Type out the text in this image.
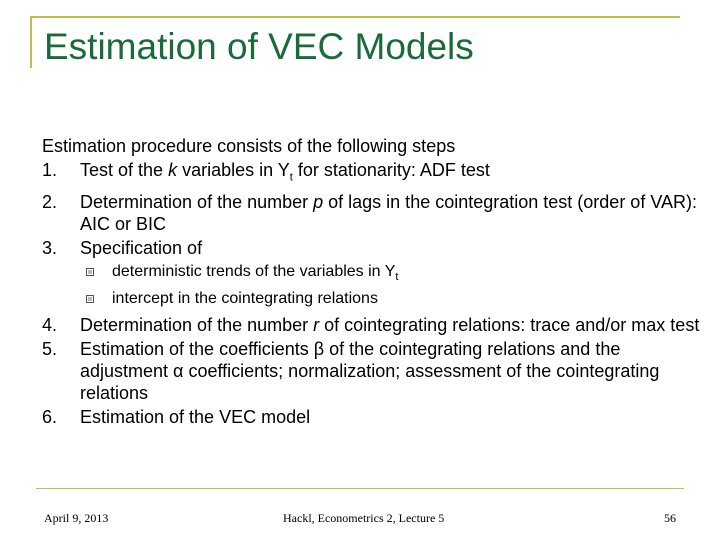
Estimation of VEC Models
Estimation procedure consists of the following steps
1. Test of the k variables in $Y_t$ for stationarity: ADF test
2. Determination of the number p of lags in the cointegration test (order of VAR): AIC or BIC
3. Specification of
deterministic trends of the variables in $Y_t$
intercept in the cointegrating relations
4. Determination of the number r of cointegrating relations: trace and/or max test
5. Estimation of the coefficients β of the cointegrating relations and the adjustment α coefficients; normalization; assessment of the cointegrating relations
6. Estimation of the VEC model
April 9, 2013	Hackl, Econometrics 2, Lecture 5	56
